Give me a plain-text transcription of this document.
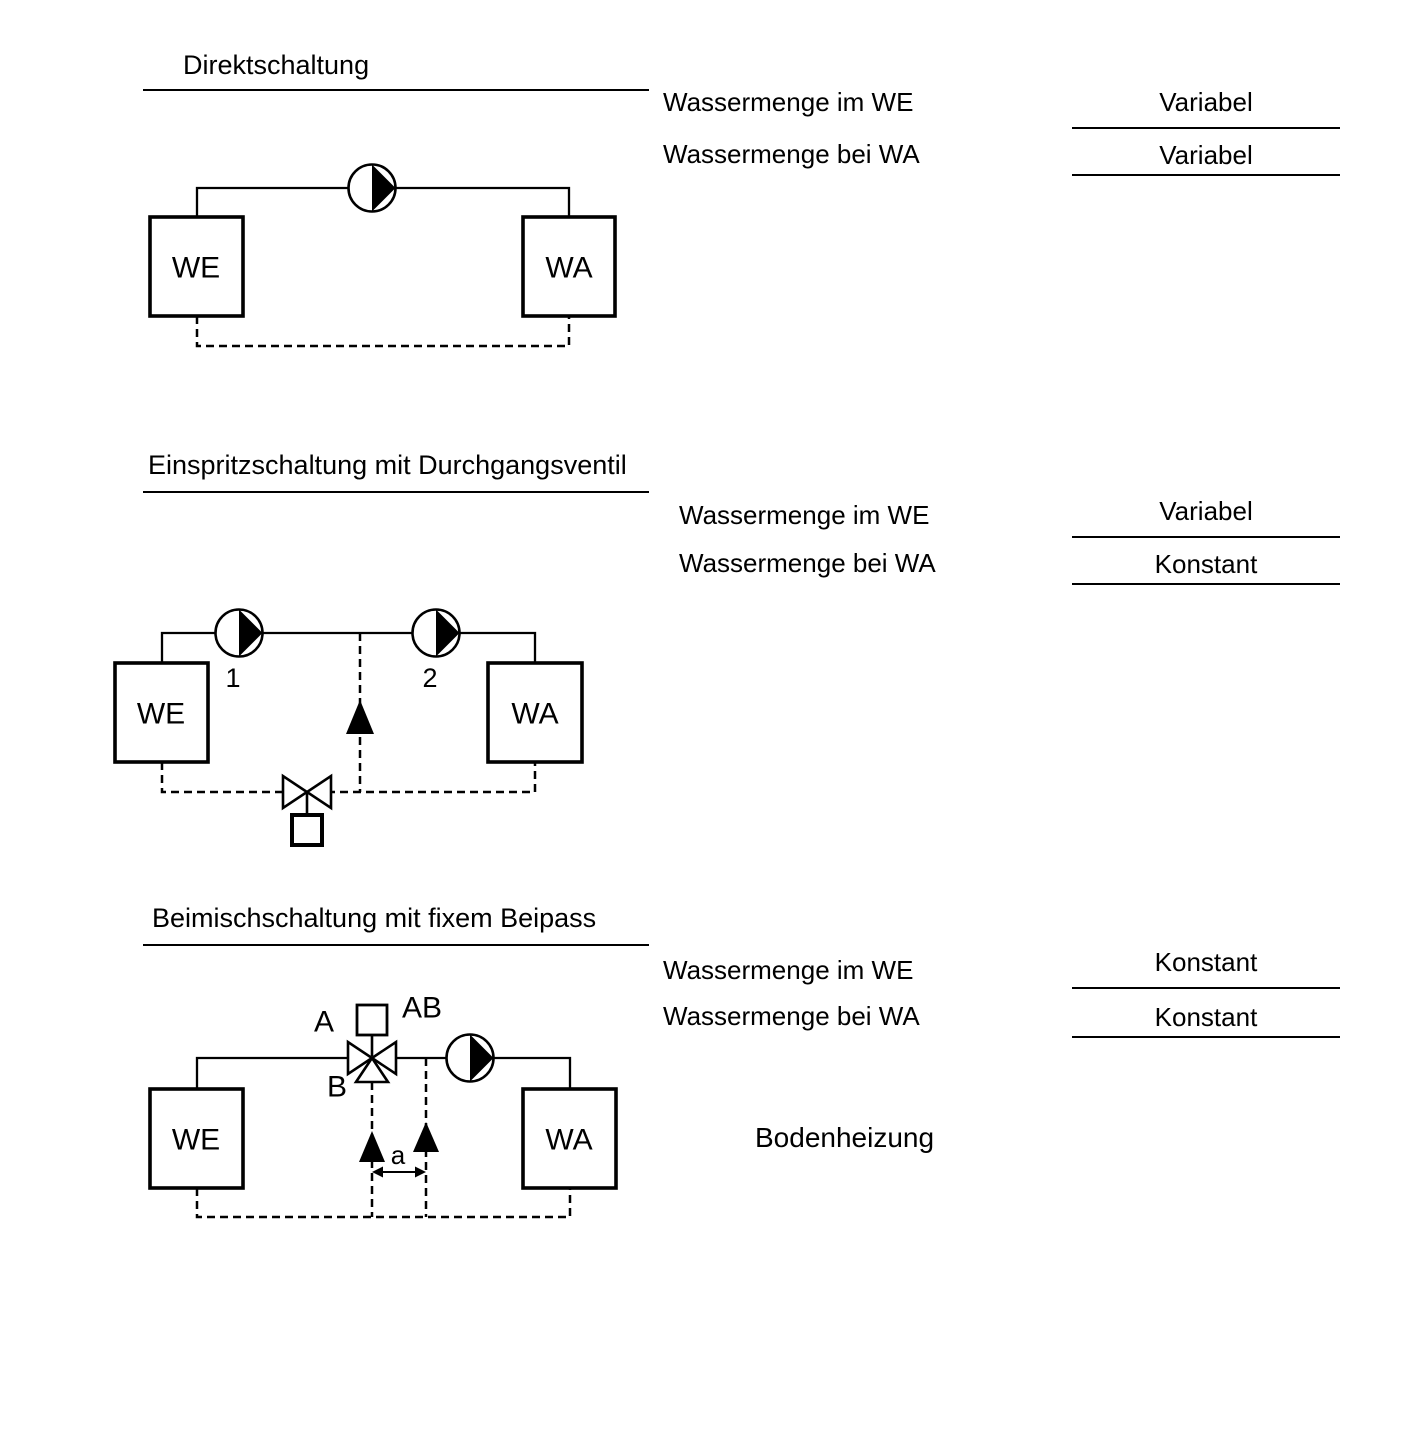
Direktschaltung
Wassermenge im WE	Variabel
Wassermenge bei WA	Variabel
WE	WA
Einspritzschaltung mit Durchgangsventil
Wassermenge im WE	Variabel
Wassermenge bei WA	Konstant
1	2
WE	WA
Beimischschaltung mit fixem Beipass
Wassermenge im WE	Konstant
Wassermenge bei WA	Konstant
Bodenheizung
a
A AB
B
WE	WA
